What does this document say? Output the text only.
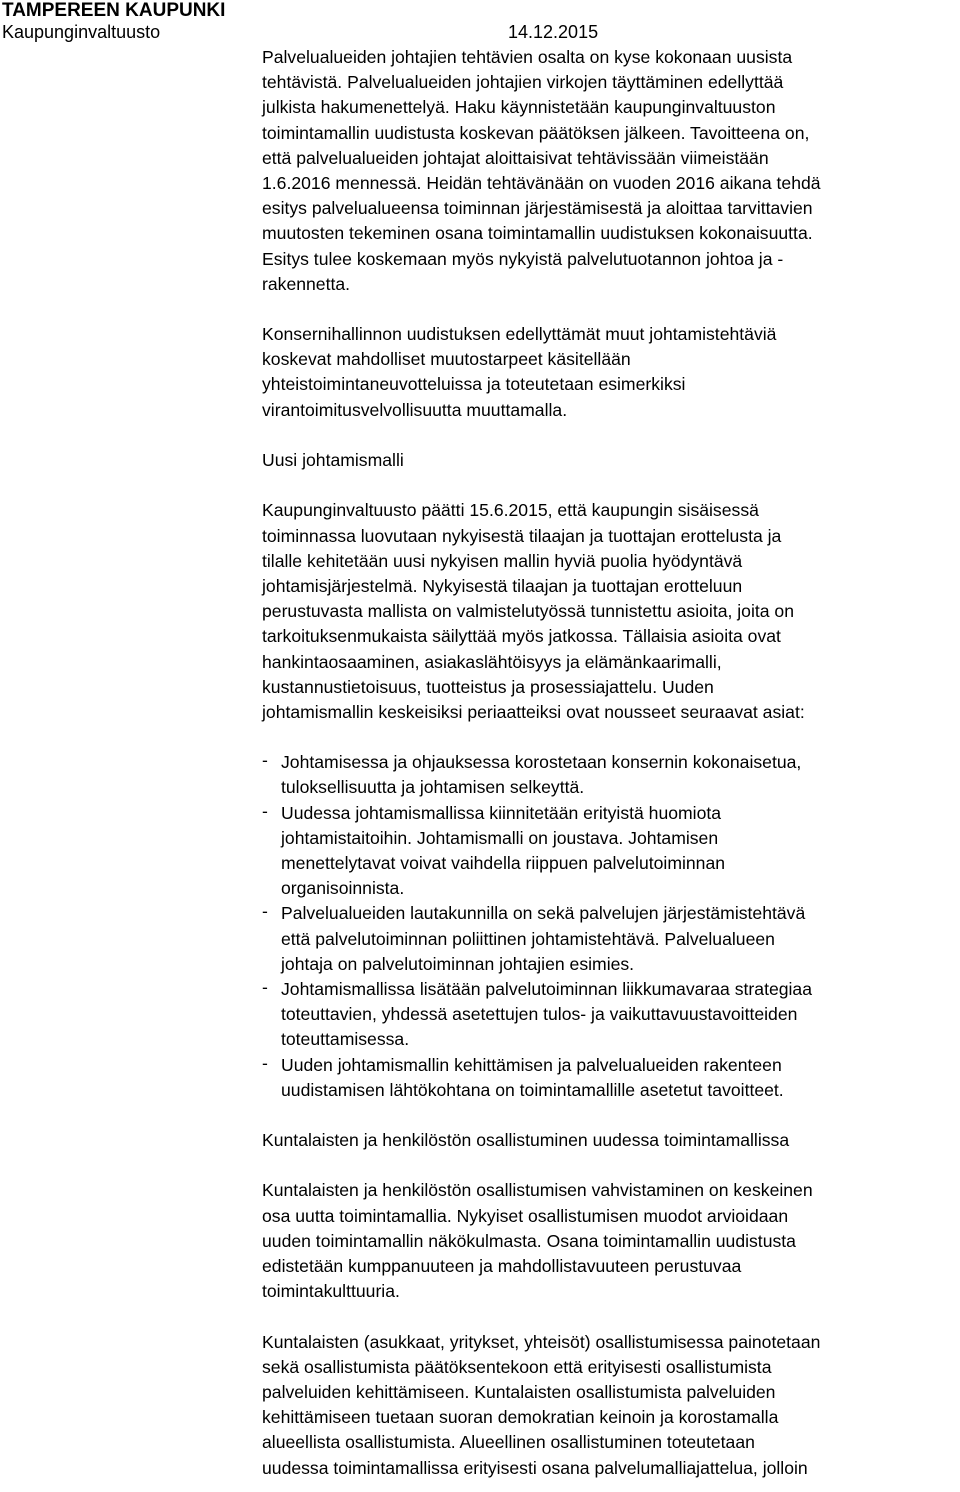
TAMPEREEN KAUPUNKI
Kaupunginvaltuusto	14.12.2015
Palvelualueiden johtajien tehtävien osalta on kyse kokonaan uusista
tehtävistä. Palvelualueiden johtajien virkojen täyttäminen edellyttää
julkista hakumenettelyä. Haku käynnistetään kaupunginvaltuuston
toimintamallin uudistusta koskevan päätöksen jälkeen. Tavoitteena on,
että palvelualueiden johtajat aloittaisivat tehtävissään viimeistään
1.6.2016 mennessä. Heidän tehtävänään on vuoden 2016 aikana tehdä
esitys palvelualueensa toiminnan järjestämisestä ja aloittaa tarvittavien
muutosten tekeminen osana toimintamallin uudistuksen kokonaisuutta.
Esitys tulee koskemaan myös nykyistä palvelutuotannon johtoa ja -
rakennetta.
Konsernihallinnon uudistuksen edellyttämät muut johtamistehtäviä
koskevat mahdolliset muutostarpeet käsitellään
yhteistoimintaneuvotteluissa ja toteutetaan esimerkiksi
virantoimitusvelvollisuutta muuttamalla.
Uusi johtamismalli
Kaupunginvaltuusto päätti 15.6.2015, että kaupungin sisäisessä
toiminnassa luovutaan nykyisestä tilaajan ja tuottajan erottelusta ja
tilalle kehitetään uusi nykyisen mallin hyviä puolia hyödyntävä
johtamisjärjestelmä. Nykyisestä tilaajan ja tuottajan erotteluun
perustuvasta mallista on valmistelutyössä tunnistettu asioita, joita on
tarkoituksenmukaista säilyttää myös jatkossa. Tällaisia asioita ovat
hankintaosaaminen, asiakaslähtöisyys ja elämänkaarimalli,
kustannustietoisuus, tuotteistus ja prosessiajattelu. Uuden
johtamismallin keskeisiksi periaatteiksi ovat nousseet seuraavat asiat:
- Johtamisessa ja ohjauksessa korostetaan konsernin kokonaisetua,
tuloksellisuutta ja johtamisen selkeyttä.
- Uudessa johtamismallissa kiinnitetään erityistä huomiota
johtamistaitoihin. Johtamismalli on joustava. Johtamisen
menettelytavat voivat vaihdella riippuen palvelutoiminnan
organisoinnista.
- Palvelualueiden lautakunnilla on sekä palvelujen järjestämistehtävä
että palvelutoiminnan poliittinen johtamistehtävä. Palvelualueen
johtaja on palvelutoiminnan johtajien esimies.
- Johtamismallissa lisätään palvelutoiminnan liikkumavaraa strategiaa
toteuttavien, yhdessä asetettujen tulos- ja vaikuttavuustavoitteiden
toteuttamisessa.
- Uuden johtamismallin kehittämisen ja palvelualueiden rakenteen
uudistamisen lähtökohtana on toimintamallille asetetut tavoitteet.
Kuntalaisten ja henkilöstön osallistuminen uudessa toimintamallissa
Kuntalaisten ja henkilöstön osallistumisen vahvistaminen on keskeinen
osa uutta toimintamallia. Nykyiset osallistumisen muodot arvioidaan
uuden toimintamallin näkökulmasta. Osana toimintamallin uudistusta
edistetään kumppanuuteen ja mahdollistavuuteen perustuvaa
toimintakulttuuria.
Kuntalaisten (asukkaat, yritykset, yhteisöt) osallistumisessa painotetaan
sekä osallistumista päätöksentekoon että erityisesti osallistumista
palveluiden kehittämiseen. Kuntalaisten osallistumista palveluiden
kehittämiseen tuetaan suoran demokratian keinoin ja korostamalla
alueellista osallistumista. Alueellinen osallistuminen toteutetaan
uudessa toimintamallissa erityisesti osana palvelumalliajattelua, jolloin
